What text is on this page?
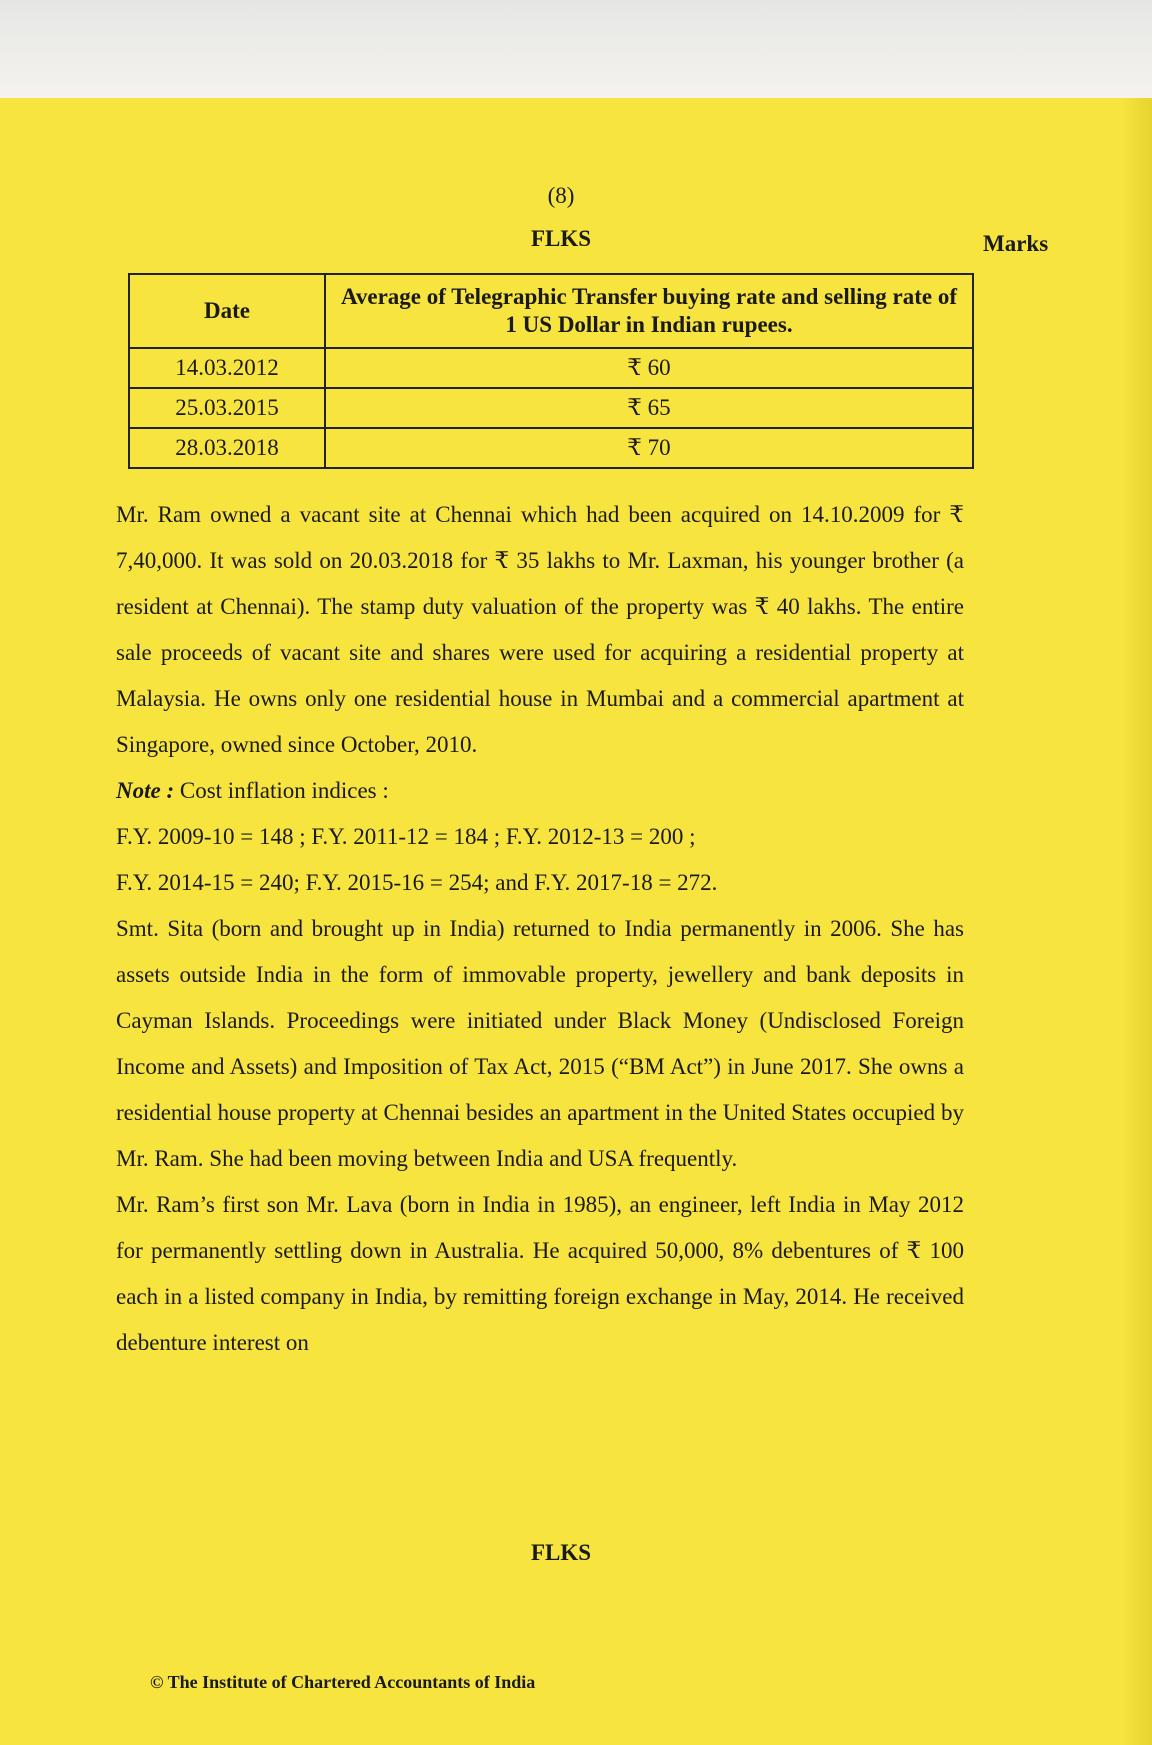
(8)
FLKS	Marks
Date	Average of Telegraphic Transfer buying rate and selling rate of 1 US Dollar in Indian rupees.
14.03.2012	₹ 60
25.03.2015	₹ 65
28.03.2018	₹ 70

Mr. Ram owned a vacant site at Chennai which had been acquired on 14.10.2009 for ₹ 7,40,000. It was sold on 20.03.2018 for ₹ 35 lakhs to Mr. Laxman, his younger brother (a resident at Chennai). The stamp duty valuation of the property was ₹ 40 lakhs. The entire sale proceeds of vacant site and shares were used for acquiring a residential property at Malaysia. He owns only one residential house in Mumbai and a commercial apartment at Singapore, owned since October, 2010.

Note : Cost inflation indices :

F.Y. 2009-10 = 148 ; F.Y. 2011-12 = 184 ; F.Y. 2012-13 = 200 ;

F.Y. 2014-15 = 240; F.Y. 2015-16 = 254; and F.Y. 2017-18 = 272.

Smt. Sita (born and brought up in India) returned to India permanently in 2006. She has assets outside India in the form of immovable property, jewellery and bank deposits in Cayman Islands. Proceedings were initiated under Black Money (Undisclosed Foreign Income and Assets) and Imposition of Tax Act, 2015 (“BM Act”) in June 2017. She owns a residential house property at Chennai besides an apartment in the United States occupied by Mr. Ram. She had been moving between India and USA frequently.

Mr. Ram’s first son Mr. Lava (born in India in 1985), an engineer, left India in May 2012 for permanently settling down in Australia. He acquired 50,000, 8% debentures of ₹ 100 each in a listed company in India, by remitting foreign exchange in May, 2014. He received debenture interest on

FLKS
© The Institute of Chartered Accountants of India
